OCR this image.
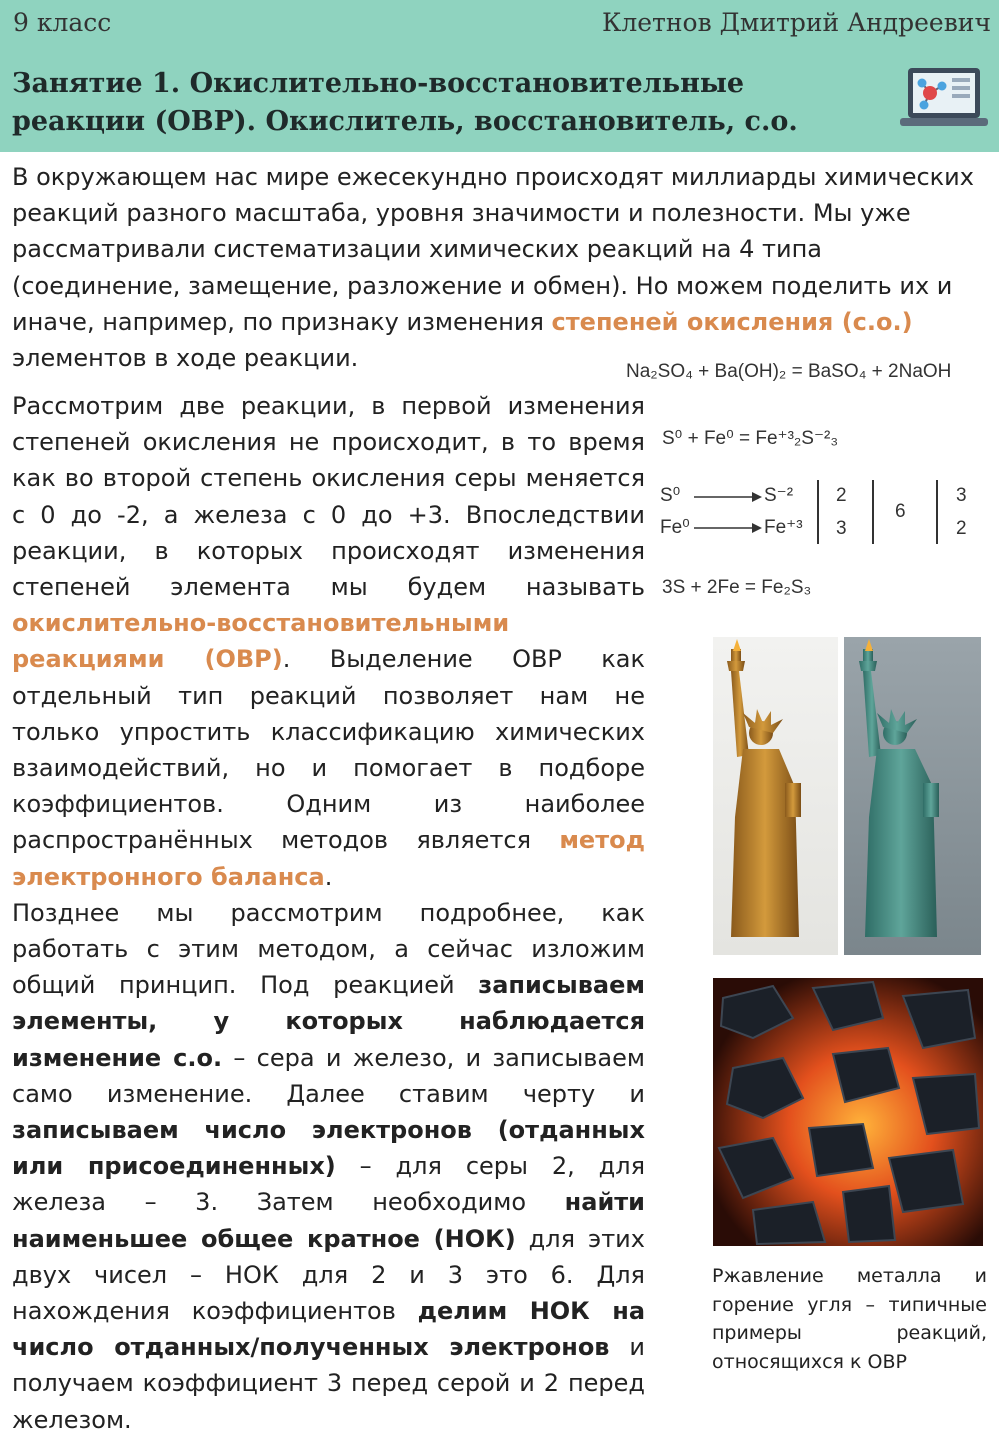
9 класс	Клетнов Дмитрий Андреевич
Занятие 1. Окислительно-восстановительные реакции (ОВР). Окислитель, восстановитель, с.о.
В окружающем нас мире ежесекундно происходят миллиарды химических реакций разного масштаба, уровня значимости и полезности. Мы уже рассматривали систематизации химических реакций на 4 типа (соединение, замещение, разложение и обмен). Но можем поделить их и иначе, например, по признаку изменения степеней окисления (с.о.) элементов в ходе реакции.
Рассмотрим две реакции, в первой изменения степеней окисления не происходит, в то время как во второй степень окисления серы меняется с 0 до -2, а железа с 0 до +3. Впоследствии реакции, в которых происходят изменения степеней элемента мы будем называть окислительно-восстановительными реакциями (ОВР). Выделение ОВР как отдельный тип реакций позволяет нам не только упростить классификацию химических взаимодействий, но и помогает в подборе коэффициентов. Одним из наиболее распространённых методов является метод электронного баланса.
Позднее мы рассмотрим подробнее, как работать с этим методом, а сейчас изложим общий принцип. Под реакцией записываем элементы, у которых наблюдается изменение с.о. – сера и железо, и записываем само изменение. Далее ставим черту и записываем число электронов (отданных или присоединенных) – для серы 2, для железа – 3. Затем необходимо найти наименьшее общее кратное (НОК) для этих двух чисел – НОК для 2 и 3 это 6. Для нахождения коэффициентов делим НОК на число отданных/полученных электронов и получаем коэффициент 3 перед серой и 2 перед железом.
Na₂SO₄ + Ba(OH)₂ = BaSO₄ + 2NaOH
S⁰ + Fe⁰ = Fe⁺³₂S⁻²₃
S⁰
Fe⁰
S⁻²
Fe⁺³
2
3
6
3
2
3S + 2Fe = Fe₂S₃
Ржавление металла и горение угля – типичные примеры реакций, относящихся к ОВР
